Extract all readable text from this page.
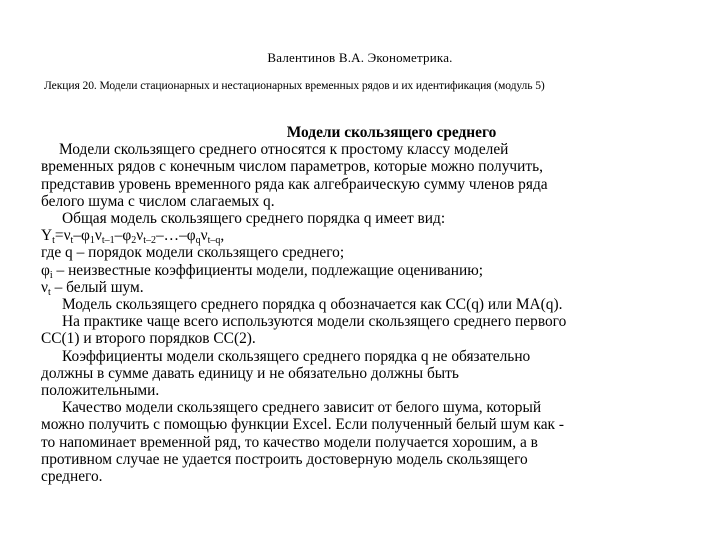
Валентинов В.А. Эконометрика.
Лекция 20. Модели стационарных и нестационарных временных рядов и их идентификация (модуль 5)
Модели скользящего среднего
Модели скользящего среднего относятся к простому классу моделей
временных рядов с конечным числом параметров, которые можно получить,
представив уровень временного ряда как алгебраическую сумму членов ряда
белого шума с числом слагаемых q.
Общая модель скользящего среднего порядка q имеет вид:
$Y_t=\nu_t-\varphi_1\nu_{t-1}-\varphi_2\nu_{t-2}-\dots-\varphi_q\nu_{t-q}$,
где q – порядок модели скользящего среднего;
$\varphi_i$ – неизвестные коэффициенты модели, подлежащие оцениванию;
$\nu_t$ – белый шум.
Модель скользящего среднего порядка q обозначается как СС(q) или МА(q).
На практике чаще всего используются модели скользящего среднего первого
СС(1) и второго порядков СС(2).
Коэффициенты модели скользящего среднего порядка q не обязательно
должны в сумме давать единицу и не обязательно должны быть
положительными.
Качество модели скользящего среднего зависит от белого шума, который
можно получить с помощью функции Excel. Если полученный белый шум как -
то напоминает временной ряд, то качество модели получается хорошим, а в
противном случае не удается построить достоверную модель скользящего
среднего.
